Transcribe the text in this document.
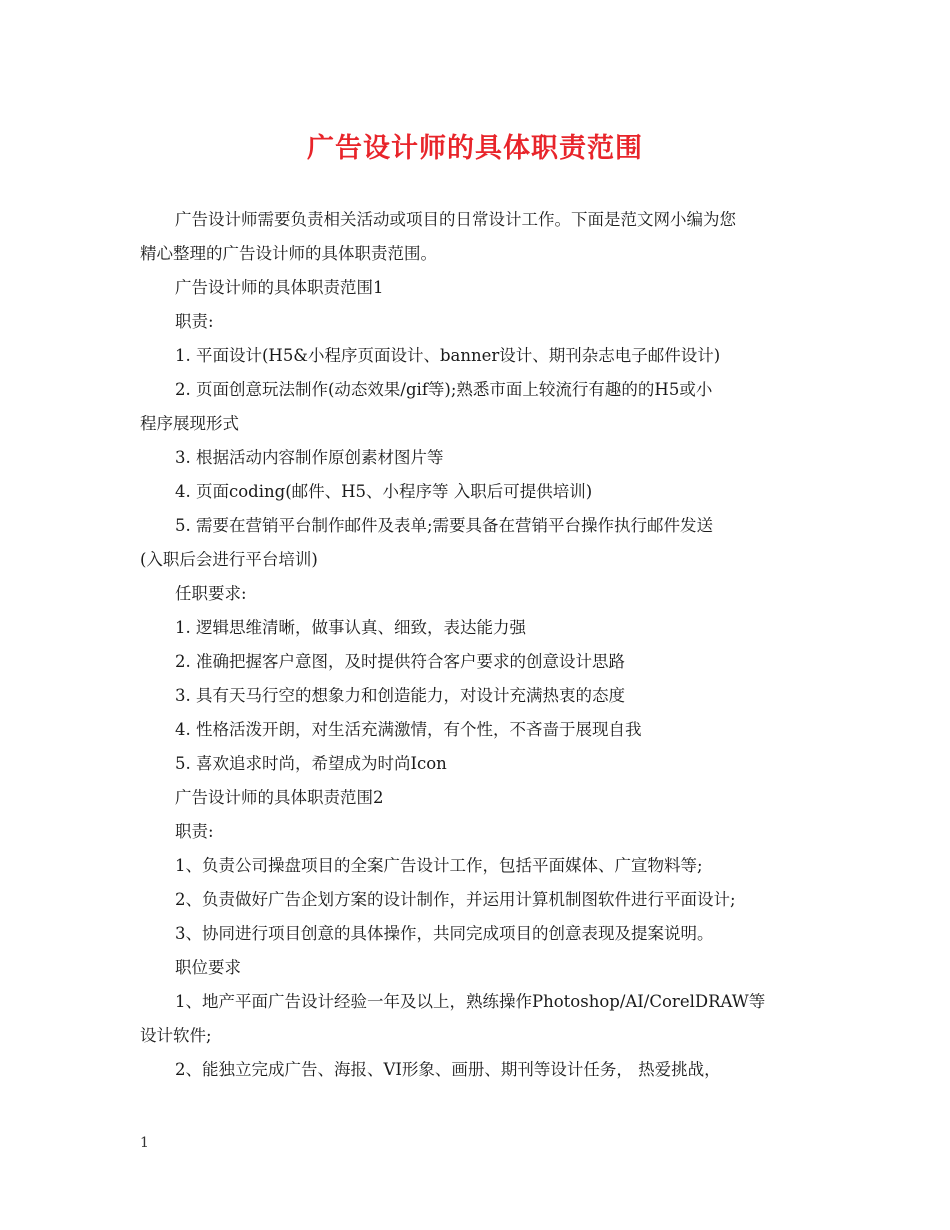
广告设计师的具体职责范围

广告设计师需要负责相关活动或项目的日常设计工作。下面是范文网小编为您

精心整理的广告设计师的具体职责范围。

广告设计师的具体职责范围1

职责:

1. 平面设计(H5&小程序页面设计、banner设计、期刊杂志电子邮件设计)

2. 页面创意玩法制作(动态效果/gif等);熟悉市面上较流行有趣的的H5或小

程序展现形式

3. 根据活动内容制作原创素材图片等

4. 页面coding(邮件、H5、小程序等 入职后可提供培训)

5. 需要在营销平台制作邮件及表单;需要具备在营销平台操作执行邮件发送

(入职后会进行平台培训)

任职要求:

1. 逻辑思维清晰，做事认真、细致，表达能力强

2. 准确把握客户意图，及时提供符合客户要求的创意设计思路

3. 具有天马行空的想象力和创造能力，对设计充满热衷的态度

4. 性格活泼开朗，对生活充满激情，有个性，不吝啬于展现自我

5. 喜欢追求时尚，希望成为时尚Icon

广告设计师的具体职责范围2

职责:

1、负责公司操盘项目的全案广告设计工作，包括平面媒体、广宣物料等;

2、负责做好广告企划方案的设计制作，并运用计算机制图软件进行平面设计;

3、协同进行项目创意的具体操作，共同完成项目的创意表现及提案说明。

职位要求

1、地产平面广告设计经验一年及以上，熟练操作Photoshop/AI/CorelDRAW等

设计软件;

2、能独立完成广告、海报、VI形象、画册、期刊等设计任务， 热爱挑战，

1
